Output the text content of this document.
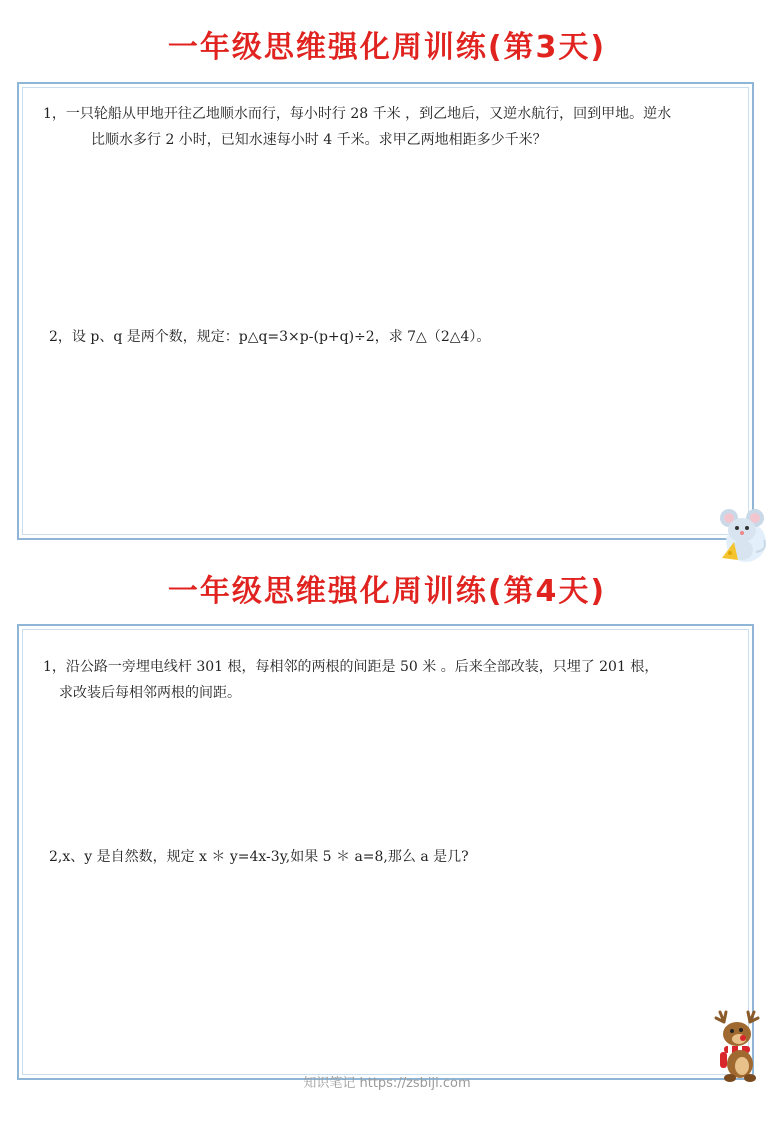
一年级思维强化周训练(第3天)

1，一只轮船从甲地开往乙地顺水而行，每小时行 28 千米 ，到乙地后，又逆水航行，回到甲地。逆水
比顺水多行 2 小时，已知水速每小时 4 千米。求甲乙两地相距多少千米？

2，设 p、q 是两个数，规定：p△q=3×p-(p+q)÷2，求 7△（2△4）。

一年级思维强化周训练(第4天)

1，沿公路一旁埋电线杆 301 根，每相邻的两根的间距是 50 米 。后来全部改装，只埋了 201 根，
求改装后每相邻两根的间距。

2,x、y 是自然数，规定 x ＊ y=4x-3y,如果 5 ＊ a=8,那么 a 是几?

知识笔记 https://zsbiji.com
